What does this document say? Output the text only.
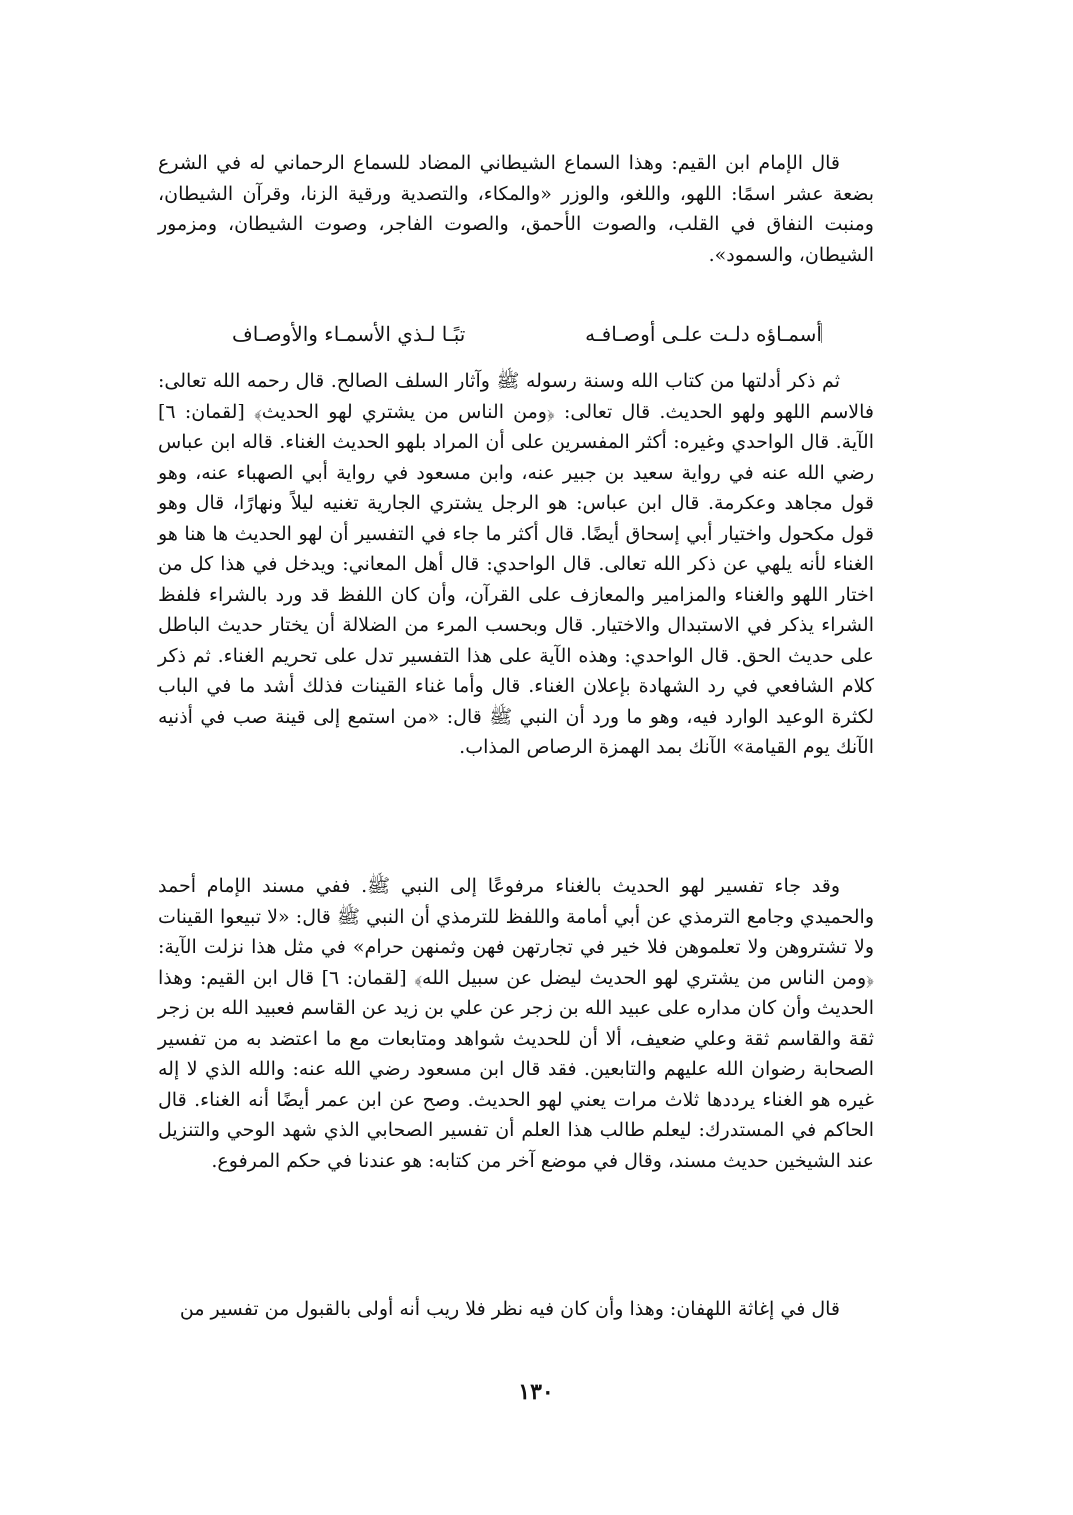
قال الإمام ابن القيم: وهذا السماع الشيطاني المضاد للسماع الرحماني له في الشرع بضعة عشر اسمًا: اللهو، واللغو، والوزر «والمكاء، والتصدية ورقية الزنا، وقرآن الشيطان، ومنبت النفاق في القلب، والصوت الأحمق، والصوت الفاجر، وصوت الشيطان، ومزمور الشيطان، والسمود».

أسمـاؤه دلـت علـى أوصـافـه
تبًـا لـذي الأسمـاء والأوصـاف

ثم ذكر أدلتها من كتاب الله وسنة رسوله ﷺ وآثار السلف الصالح. قال رحمه الله تعالى: فالاسم اللهو ولهو الحديث. قال تعالى: ﴿ومن الناس من يشتري لهو الحديث﴾ [لقمان: ٦] الآية. قال الواحدي وغيره: أكثر المفسرين على أن المراد بلهو الحديث الغناء. قاله ابن عباس رضي الله عنه في رواية سعيد بن جبير عنه، وابن مسعود في رواية أبي الصهباء عنه، وهو قول مجاهد وعكرمة. قال ابن عباس: هو الرجل يشتري الجارية تغنيه ليلاً ونهارًا، قال وهو قول مكحول واختيار أبي إسحاق أيضًا. قال أكثر ما جاء في التفسير أن لهو الحديث ها هنا هو الغناء لأنه يلهي عن ذكر الله تعالى. قال الواحدي: قال أهل المعاني: ويدخل في هذا كل من اختار اللهو والغناء والمزامير والمعازف على القرآن، وأن كان اللفظ قد ورد بالشراء فلفظ الشراء يذكر في الاستبدال والاختيار. قال وبحسب المرء من الضلالة أن يختار حديث الباطل على حديث الحق. قال الواحدي: وهذه الآية على هذا التفسير تدل على تحريم الغناء. ثم ذكر كلام الشافعي في رد الشهادة بإعلان الغناء. قال وأما غناء القينات فذلك أشد ما في الباب لكثرة الوعيد الوارد فيه، وهو ما ورد أن النبي ﷺ قال: «من استمع إلى قينة صب في أذنيه الآنك يوم القيامة» الآنك بمد الهمزة الرصاص المذاب.

وقد جاء تفسير لهو الحديث بالغناء مرفوعًا إلى النبي ﷺ. ففي مسند الإمام أحمد والحميدي وجامع الترمذي عن أبي أمامة واللفظ للترمذي أن النبي ﷺ قال: «لا تبيعوا القينات ولا تشتروهن ولا تعلموهن فلا خير في تجارتهن فهن وثمنهن حرام» في مثل هذا نزلت الآية: ﴿ومن الناس من يشتري لهو الحديث ليضل عن سبيل الله﴾ [لقمان: ٦] قال ابن القيم: وهذا الحديث وأن كان مداره على عبيد الله بن زجر عن علي بن زيد عن القاسم فعبيد الله بن زجر ثقة والقاسم ثقة وعلي ضعيف، ألا أن للحديث شواهد ومتابعات مع ما اعتضد به من تفسير الصحابة رضوان الله عليهم والتابعين. فقد قال ابن مسعود رضي الله عنه: والله الذي لا إله غيره هو الغناء يرددها ثلاث مرات يعني لهو الحديث. وصح عن ابن عمر أيضًا أنه الغناء. قال الحاكم في المستدرك: ليعلم طالب هذا العلم أن تفسير الصحابي الذي شهد الوحي والتنزيل عند الشيخين حديث مسند، وقال في موضع آخر من كتابه: هو عندنا في حكم المرفوع.

قال في إغاثة اللهفان: وهذا وأن كان فيه نظر فلا ريب أنه أولى بالقبول من تفسير من

١٣٠
